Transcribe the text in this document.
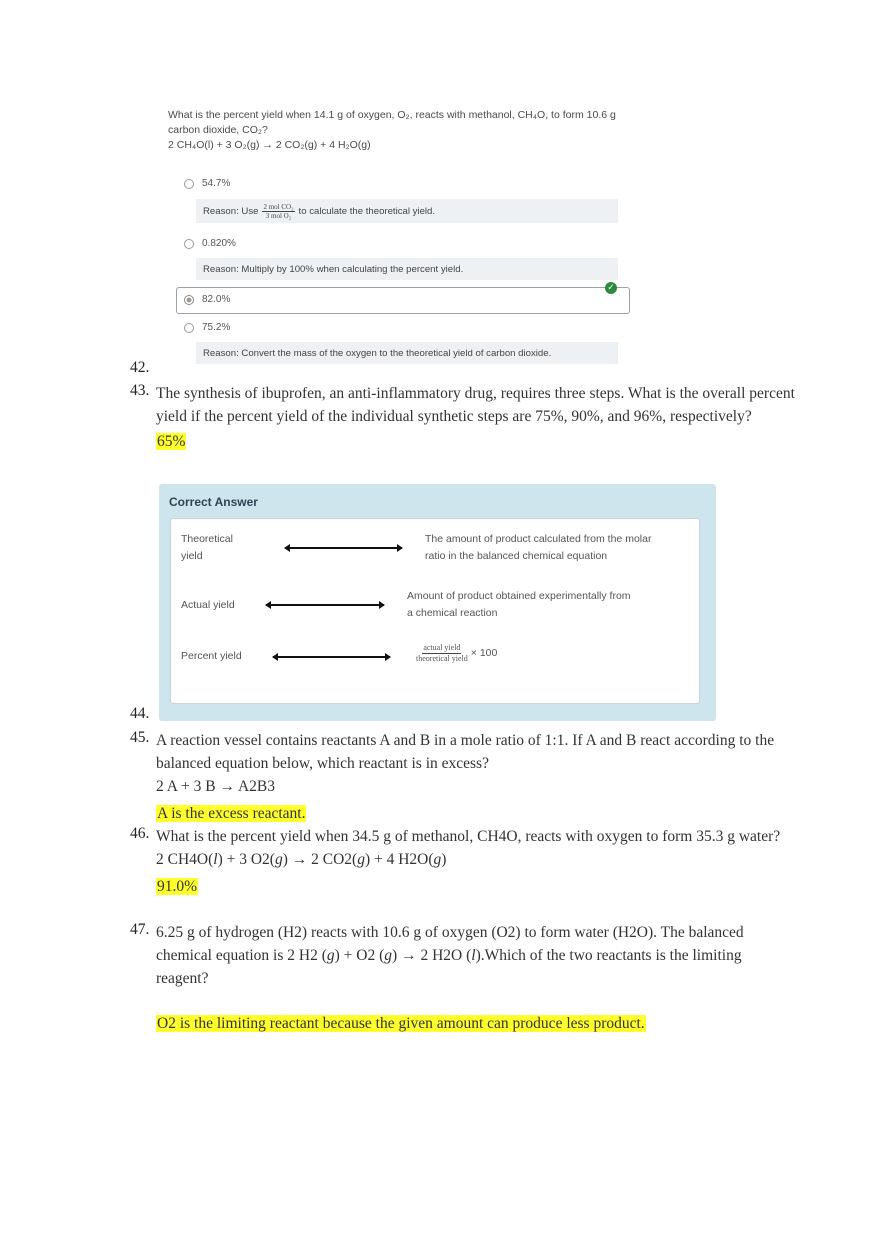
What is the percent yield when 14.1 g of oxygen, O₂, reacts with methanol, CH₄O, to form 10.6 g
carbon dioxide, CO₂?
2 CH₄O(l) + 3 O₂(g) → 2 CO₂(g) + 4 H₂O(g)
54.7%
Reason: Use $\frac{\text{2 mol CO₂}}{\text{3 mol O₂}}$ to calculate the theoretical yield.
0.820%
Reason: Multiply by 100% when calculating the percent yield.
✓
82.0%
75.2%
Reason: Convert the mass of the oxygen to the theoretical yield of carbon dioxide.
42.
43. The synthesis of ibuprofen, an anti-inflammatory drug, requires three steps. What is the overall percent yield if the percent yield of the individual synthetic steps are 75%, 90%, and 96%, respectively?
65%
Correct Answer
Theoretical
yield
The amount of product calculated from the molar
ratio in the balanced chemical equation
Actual yield
Amount of product obtained experimentally from
a chemical reaction
Percent yield	$\frac{\text{actual yield}}{\text{theoretical yield}} \times 100$
44.
45. A reaction vessel contains reactants A and B in a mole ratio of 1:1. If A and B react according to the balanced equation below, which reactant is in excess?
2 A + 3 B → A2B3
A is the excess reactant.
46. What is the percent yield when 34.5 g of methanol, CH4O, reacts with oxygen to form 35.3 g water?
2 CH4O(l) + 3 O2(g) → 2 CO2(g) + 4 H2O(g)
91.0%
47. 6.25 g of hydrogen (H2) reacts with 10.6 g of oxygen (O2) to form water (H2O). The balanced chemical equation is 2 H2 (g) + O2 (g) → 2 H2O (l).Which of the two reactants is the limiting reagent?
O2 is the limiting reactant because the given amount can produce less product.
